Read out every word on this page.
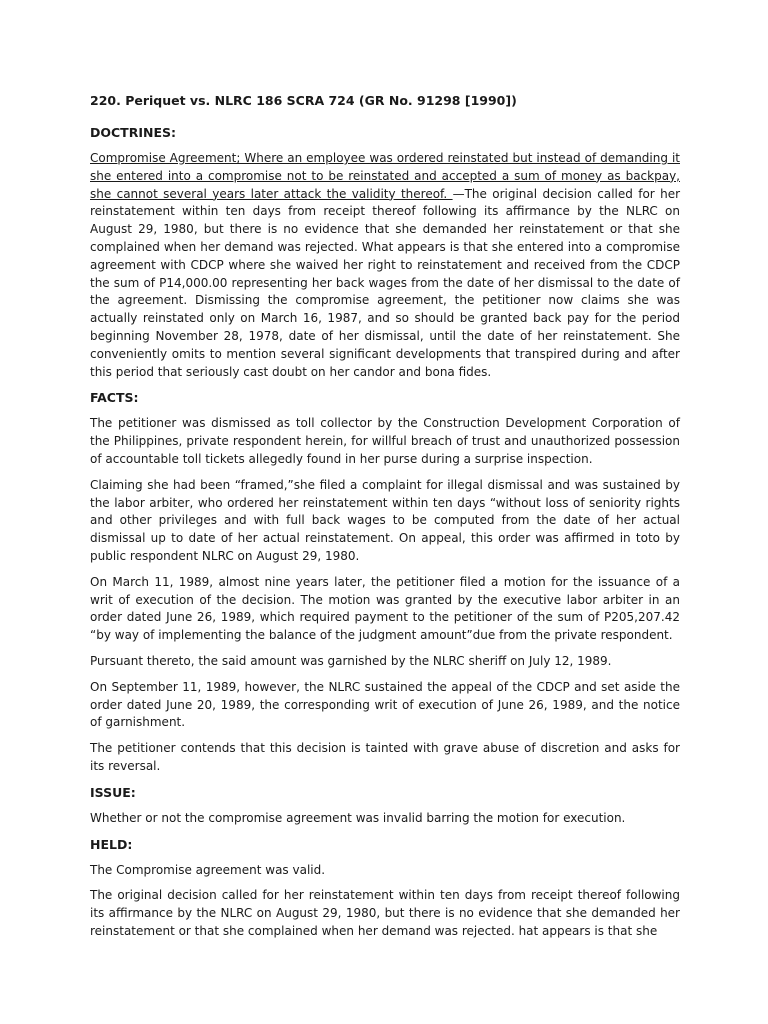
220. Periquet vs. NLRC 186 SCRA 724 (GR No. 91298 [1990])
DOCTRINES:

Compromise Agreement; Where an employee was ordered reinstated but instead of demanding it she entered into a compromise not to be reinstated and accepted a sum of money as backpay, she cannot several years later attack the validity thereof. —The original decision called for her reinstatement within ten days from receipt thereof following its affirmance by the NLRC on August 29, 1980, but there is no evidence that she demanded her reinstatement or that she complained when her demand was rejected. What appears is that she entered into a compromise agreement with CDCP where she waived her right to reinstatement and received from the CDCP the sum of P14,000.00 representing her back wages from the date of her dismissal to the date of the agreement. Dismissing the compromise agreement, the petitioner now claims she was actually reinstated only on March 16, 1987, and so should be granted back pay for the period beginning November 28, 1978, date of her dismissal, until the date of her reinstatement. She conveniently omits to mention several significant developments that transpired during and after this period that seriously cast doubt on her candor and bona fides.

FACTS:

The petitioner was dismissed as toll collector by the Construction Development Corporation of the Philippines, private respondent herein, for willful breach of trust and unauthorized possession of accountable toll tickets allegedly found in her purse during a surprise inspection.

Claiming she had been “framed,”she filed a complaint for illegal dismissal and was sustained by the labor arbiter, who ordered her reinstatement within ten days “without loss of seniority rights and other privileges and with full back wages to be computed from the date of her actual dismissal up to date of her actual reinstatement. On appeal, this order was affirmed in toto by public respondent NLRC on August 29, 1980.

On March 11, 1989, almost nine years later, the petitioner filed a motion for the issuance of a writ of execution of the decision. The motion was granted by the executive labor arbiter in an order dated June 26, 1989, which required payment to the petitioner of the sum of P205,207.42 “by way of implementing the balance of the judgment amount”due from the private respondent.

Pursuant thereto, the said amount was garnished by the NLRC sheriff on July 12, 1989.

On September 11, 1989, however, the NLRC sustained the appeal of the CDCP and set aside the order dated June 20, 1989, the corresponding writ of execution of June 26, 1989, and the notice of garnishment.

The petitioner contends that this decision is tainted with grave abuse of discretion and asks for its reversal.

ISSUE:

Whether or not the compromise agreement was invalid barring the motion for execution.

HELD:

The Compromise agreement was valid.

The original decision called for her reinstatement within ten days from receipt thereof following its affirmance by the NLRC on August 29, 1980, but there is no evidence that she demanded her reinstatement or that she complained when her demand was rejected. hat appears is that she
